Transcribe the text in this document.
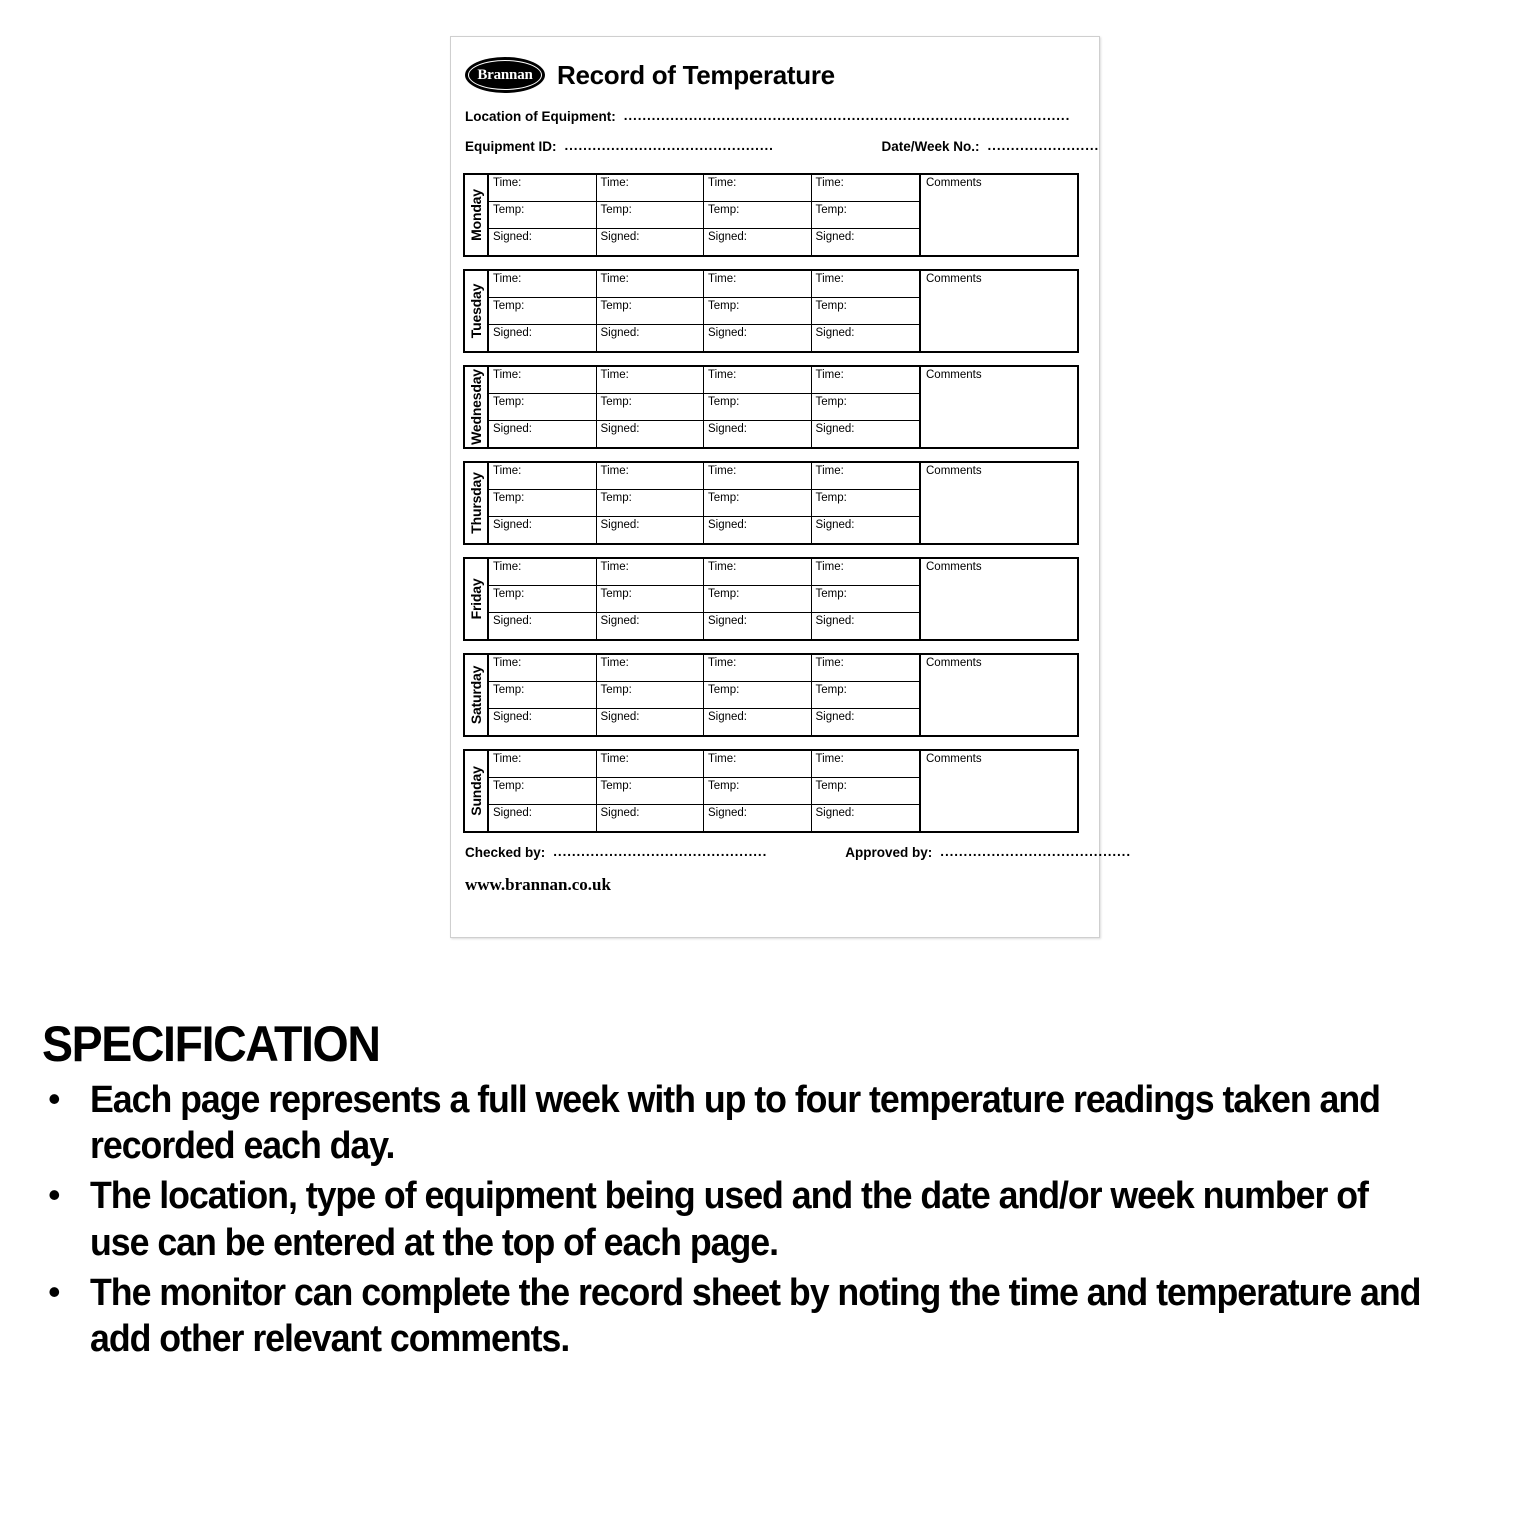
Brannan Record of Temperature
Location of Equipment: ................................................................................................
Equipment ID: .............................................	Date/Week No.: ........................
Monday
Time:
Temp:
Signed:
Time:
Temp:
Signed:
Time:
Temp:
Signed:
Time:
Temp:
Signed:
Comments
Tuesday
Time:
Temp:
Signed:
Time:
Temp:
Signed:
Time:
Temp:
Signed:
Time:
Temp:
Signed:
Comments
Wednesday Time:
Temp:
Signed:
Time:
Temp:
Signed:
Time:
Temp:
Signed:
Time:
Temp:
Signed:
Comments
Thursday
Time:
Temp:
Signed:
Time:
Temp:
Signed:
Time:
Temp:
Signed:
Time:
Temp:
Signed:
Comments
Friday
Time:
Temp:
Signed:
Time:
Temp:
Signed:
Time:
Temp:
Signed:
Time:
Temp:
Signed:
Comments
Saturday
Time:
Temp:
Signed:
Time:
Temp:
Signed:
Time:
Temp:
Signed:
Time:
Temp:
Signed:
Comments
Sunday
Time:
Temp:
Signed:
Time:
Temp:
Signed:
Time:
Temp:
Signed:
Time:
Temp:
Signed:
Comments
Checked by: ..............................................	Approved by: .........................................
www.brannan.co.uk
SPECIFICATION
• Each page represents a full week with up to four temperature readings taken and recorded each day.
• The location, type of equipment being used and the date and/or week number of use can be entered at the top of each page.
• The monitor can complete the record sheet by noting the time and temperature and add other relevant comments.
